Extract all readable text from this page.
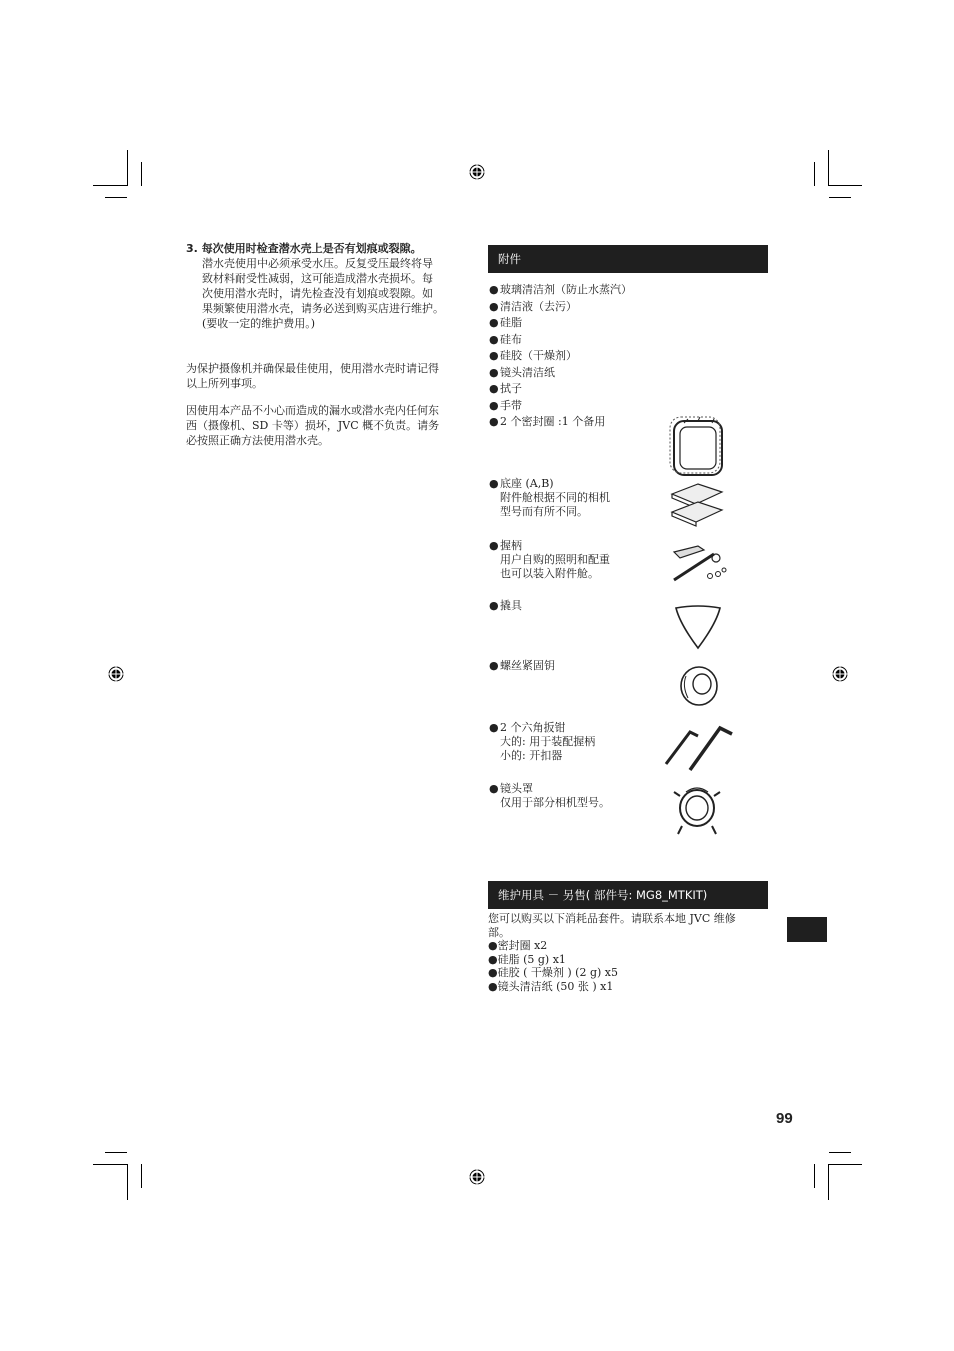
3. 每次使用时检查潜水壳上是否有划痕或裂隙。
潜水壳使用中必须承受水压。反复受压最终将导
致材料耐受性减弱，这可能造成潜水壳损坏。每
次使用潜水壳时，请先检查没有划痕或裂隙。如
果频繁使用潜水壳，请务必送到购买店进行维护。
(要收一定的维护费用。)
为保护摄像机并确保最佳使用，使用潜水壳时请记得
以上所列事项。
因使用本产品不小心而造成的漏水或潜水壳内任何东
西（摄像机、SD 卡等）损坏，JVC 概不负责。请务
必按照正确方法使用潜水壳。
附件
●玻璃清洁剂（防止水蒸汽）
●清洁液（去污）
●硅脂
●硅布
●硅胶（干燥剂）
●镜头清洁纸
●拭子
●手带
●2 个密封圈 :1 个备用
●底座 (A,B)
附件舱根据不同的相机
型号而有所不同。
●握柄
用户自购的照明和配重
也可以装入附件舱。
●撬具
●螺丝紧固钥
●2 个六角扳钳
大的: 用于装配握柄
小的: 开扣器
●镜头罩
仅用于部分相机型号。
维护用具 － 另售( 部件号: MG8_MTKIT)
您可以购买以下消耗品套件。请联系本地 JVC 维修
部。
●密封圈 x2
●硅脂 (5 g) x1
●硅胶 ( 干燥剂 ) (2 g) x5
●镜头清洁纸 (50 张 ) x1
99
